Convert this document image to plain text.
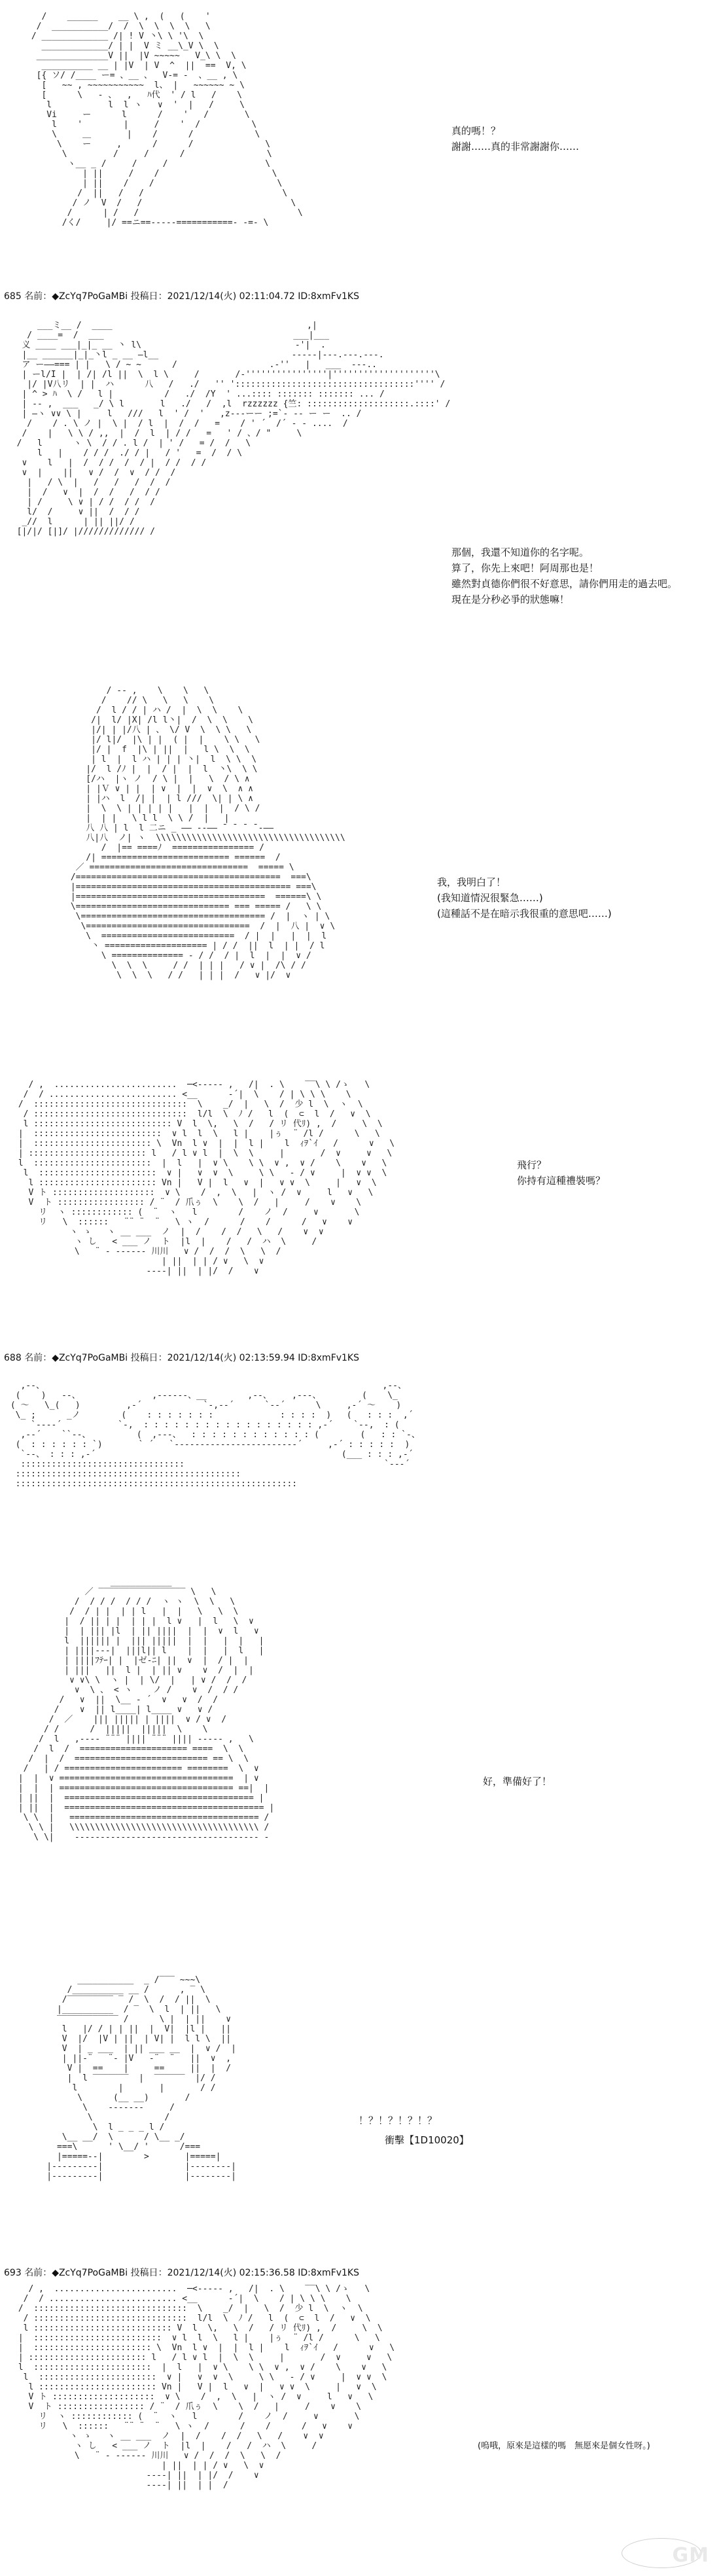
/    ______    __ \ ,  (   (    '
/  ___________/  /  \  \  \  \   \
/ _____________ /| ! V 丶\ \ '\  \
_____________/ | |  V ミ __\_V \  \
______________V ||  |V ~~~~~   V_\ \  \
__________ __ | |V  | V  ^  ||  ==  V, \
[{ ソ/ /____ ー= 、__ 、  V-= -  、__ , \
[   ~~ , ~~~~~~~~~~~  l、 |   ~~~~~~ ~ \
[      \   - 、  ,   ﾊ代  ' / l   /    \
l           l  l ヽ   ∨  '  |   /     \
Vi     ー      l      /    '   /       \
l    '        |     /    '  /          \
\     ＿       |    /      /            \
\    ー     ,      /      /              \
\         /     /      /                \
ヽ__ _ /     /     /                   \
| ||     /    /                      \
| ||    /    /                        \
/  ||   /   /                           \
/ ノ  V  /   /                             \
/      | /   /                               \
/く/     |/ ==ニ==-----===========- -=- \

真的嗎！？

謝謝……真的非常謝謝你……

685 名前：◆ZcYq7PoGaMBi 投稿日：2021/12/14(火) 02:11:04.72 ID:8xmFv1KS
___ミ__ /  ____                                      ,|
/ ____=  /  ___                                     ___|___
义 ____ ___|_|_ __ 丶 l\                              -'|  .
|__ ______|_|_丶l _ __ —l__                          ‐‐‐‐‐|‐‐‐.‐‐‐.‐‐‐.
ア ー——=== | |   \ / ~ ~      /                  .‐''   |   ___  ‐‐‐..
| ーl/I |  | /| /l ||  \  l \     /       /‐''''''''''''''''|''''''''''''''''''''\
|/ |V八リ  | |  ハ      八   /   ./   '' ':::::::::::::::::::::::::::::::::::'''' /
| ^ > ﾊ  \ /   l |          /   ./  /Y  ' ...:::: ::::::: ::::::: ... /
| -- ,  ___   _/ \ l       l   ./   /  ,l  rzzzzzz {竺: ::::::::::::::::::::.::::' /
| —ヽ ∨∨ \ |     l   ///   l  ' /  '   ,z---ーー ;=`- -- ー ー  .. /
/    / . \ ノ |  \ |  / l  |  /  /   =    / ' ´  /´ - - ....  /
/    |   \ \ / ,,  |  /  l  | / /   =   ' / 、/ "     \
/   l      ヽ \  / / . l /  | ' /   = /  /   \
l   |    / / /  ./ / |   / '   =  /  / \
∨    l   |  /  / /  /  / |  / /  / /
∨  |    ||   ∨ /  /  ∨  / /  /
|   / \  |   /   /   /  /  /
|  /   ∨  |  /  /   /  / /
| /     \ ∨ | / /  / /  /
l/  /     ∨ ||  /  / /
_//  l      | || ||/ /
[|/|/ [|]/ |///////////// /

那個，我還不知道你的名字呢。

算了，你先上來吧！阿周那也是！

雖然對貞德你們很不好意思，請你們用走的過去吧。

現在是分秒必爭的狀態嘛！

/ ‐‐ ,    \    \   \
/    // \   \   \    \
/  l / / | ハ /  |  \  \    \
/|  l/ |X| /l l丶|  /  \  \    \
|/| | |/八 | 、 \/ V  \  \ \   \
|/ l|/  |\ | |  ( |  |    \ \   \
|/ |  f  |\ | ||  |   l \  \  \
| l  |  l ハ | | | 丶|  l  \ \  \
|/  l /ﾉ |  |  / |  |  l  丶\  \ \
[/ハ  |ヽ ノ  / \ |  |   \  / \ ∧
| |Ｖ ∨ | |  | ∨  |  |  ∨  \  ∧ ∧
| |ハ  l  /| |  | l ///  \| | \ ∧
|  \  \ | | | | |   |  |  |  / \ /
|  | |   \ l l  \ \ /  |   |
八 八 | l  l 二ニ _ —— ‐‐―― ˉ ˉ ˉ ˉ‐――
八|八  ノ| ヽ  \\\\\\\\\\\\\\\\\\\\\\\\\\\\\\\\\\\\\
/  |== ====ﾉ  ================ /
/| ========================= ======  /
／ ===============================  ===== \
/========================================  ===\
|========================================== ===\
|=====================================  ======\ \
\============================== === ===== /   \ \
\==================================== /  |  ヽ | \
\================================  /  |  八 |  ∨ \
\  ==========================  / |  |   |  |  l
丶 ==================== | / /  ||  l  | |  / l
\ ============== ‐ / /  / |  l  |  |  ∨ /
\  \  \     / /  | | |   / ∨ |  /\ / /
\  \  \   / /   | | |  /   ∨ |/  ∨

我，我明白了！

(我知道情況很緊急……)

(這種話不是在暗示我很重的意思吧……)

/ ,  ........................  ─<‐‐‐‐‐ ,   /|  . \    ‾‾\ \ /ゝ   \
/  / ......................... <__      ‐´|  \    / | \ \ \    \
/  ::::::::::::::::::::::::::::::  \    _/  |   \  /  少 l  \  ヽ  \
/ ::::::::::::::::::::::::::::::  l/l  \  ﾉ /   l  (  ⊂  l  /   ∨  \
l ::::::::::::::::::::::::::: V  l  \,   \  /   / リ 代ﾘ) ,  /     \  \
|  :::::::::::::::::::::::::  ∨ l  l  \   l |    |ぅ  ¨ /l /      \   \
|  ::::::::::::::::::::::: \  Vn  l ∨  |  |  l |    l  ｨｦ`ｲ   /      ∨   \
| ::::::::::::::::::::::: l   / l ∨ l  |  \  \     |       /  ∨     ∨   \
l  :::::::::::::::::::::::  |  l   |  ∨ \    \ \  ∨ ,  ∨ /    \    ∨   \
l  :::::::::::::::::::::::  ∨ |   ∨  ∨  \     \ \   ‐ / ∨     |  ∨ ∨  \
l ::::::::::::::::::::::: Vn |   V |  l   ∨  |   ∨ ∨  \     |   ∨  \
V ト ::::::::::::::::::::  ∨ \    /  ,  \   |  ヽ /  ∨     l   ∨   \
V  ト ::::::::::::::::: / ¨  / 爪ぅ  \    \  /   |     /    ∨    \
リ  ヽ :::::::::::: (  ¨  ヽ   l        /    ノ  /     ∨       \
リ   \  ::::::   ¨¨ ¨  ¨   \ ヽ  /      /    /      /   ∨    ∨
ヽ ゝ   ヽ __ ___  ノ  |  /    /  /   \   /    ∨  ∨
ヽ し   < ___ ノ  ト  |l  |    /   /  ハ  \     /
\   ¨ ‐ ‐‐‐‐‐‐ 川川   ∨ /  /  /  \   \  /
| ||  | | / ∨   \  ∨
‐‐‐‐| ||  | |/  /    ∨

飛行？

你持有這種禮裝嗎？

688 名前：◆ZcYq7PoGaMBi 投稿日：2021/12/14(火) 02:13:59.94 ID:8xmFv1KS
,--、                                                                  ,--、
(    )   ‐-、              ,--‐‐--、__        ,--、    ,-‐-、        (    \_
( ～   \_(   )         ,-´            `-,-‐´      `-‐´      \     ,-´ ～    )
\_ ;      _ノ        (    : : : : : : :             : : : :  )   (   : : :  ,´
`--‐‐´           `‐,  : : : : : : : : : : : : : : : : : ,‐´    `‐‐,  : (
,‐‐´    ``‐-、         (  ,‐‐‐、  : : : : : : : : : : : : (        (   : : `-、
(  : : : : : : `)       ` ´   `‐‐‐‐‐‐‐‐‐‐‐‐‐‐‐‐‐‐‐‐‐‐‐‐´     ,-´ : : : : :  )
`‐‐、 : : : ,‐´                                                (___ : : : ,‐´
::::::::::::::::::::::::::::::::                                       `‐‐‐´
::::::::::::::::::::::::::::::::::::::::::::
:::::::::::::::::::::::::::::::::::::::::::::::::::::::
____________
／ ‾‾‾‾‾‾‾‾‾‾‾‾‾‾‾‾‾ \   \
/  / / /  / / /  ヽ ヽ  \  \   \
/  / | |  | | l   |  |   \   \  \
|  / || | |  | | |  l ∨   |  l   \  ∨
|  | ||| |l  | || ||||  |  |  ∨  l   ∨
l  |||||| |  ||| |||||  |  |   |  |   |
| ||||-‐‐|  |||l|| l    |  |   |  l   |
| ||||ﾌﾃｰ| |  |ゼ‐ﾆ| ||  ∨  |  / |  |
| |||   ||  l |  | || ∨    ∨  /  |  |
∨ ∨\ \  ヽ |  | \/  |   | ∨ /  /  /
∨  \ 、 < ヽ    ノ /    ∨  /  / /
/   ∨  ||  \__ ‐ ´  ∨   ∨  /  /
/    ∨  || l____| l____ ∨   ∨ /
/  ／    ||| ||||| | ||||  ∨ / ∨  /
/ /      /  |||||  |||||  \    \
/  l   ,‐‐‐‐ ¨¨¨ |||| ¨¨¨ |||| ‐‐‐‐‐ ,   \
/  l  /  ===================== ====  \  \
/  |  /  ========================== == \  \
/   | / ======================= ========  \  ∨
|  |  ∨ ==================================  | ∨
|  |  | ================================== ==|  |
| ||  |  ===================================== |
| ||  |  ======================================= |
\ \  |   ===================================== /
\ \ |   \\\\\\\\\\\\\\\\\\\\\\\\\\\\\\\\\\\\\ /
\ \|    ‐‐‐‐‐‐‐‐‐‐‐‐‐‐‐‐‐‐‐‐‐‐‐‐‐‐‐‐‐‐‐‐‐‐‐‐ ‐

好，準備好了！

___________  _ /‾‾‾ ~~~\
/__________ __ /      , ‾ \
/‾‾‾‾‾‾‾‾‾ ‾ /  \  /  / ||  \
|__________  / ‾  \  l  | ||   \
‾‾‾‾‾‾‾‾‾‾‾‾ /      \ |  | ||    ∨
l   |/ / | | ||  |  V|  |l |   ||
V  |/  |V | ||  | V| |  l l \  ||
V  | _ ___  | || ___ __  |  ∨ /  |
| ||‐¨   ¨‐ |V   ‐¨  ¨   ||  ∨  ,
V |  ==    |     ==     ||  |  /
|  l ‾‾‾‾‾‾‾  |  ‾‾‾‾‾‾  |/ /
l        |       |       / /
\      (__ __)       /
\    ‐‐‐‐‐‐‐     /
\              /
\  l _ _ _ l /
\__ __/  \      / \__ _/
===\      ' \__/ '      /===
|=====‐‐|        >       |=====|
|‐‐‐‐‐‐‐‐‐|                |‐‐‐‐‐‐‐‐|
|---------|                |--------|

！？！？！？！？

衝擊【1D10020】

693 名前：◆ZcYq7PoGaMBi 投稿日：2021/12/14(火) 02:15:36.58 ID:8xmFv1KS
/ ,  ........................  ─<‐‐‐‐‐ ,   /|  . \    ‾‾\ \ /ゝ   \
/  / ......................... <__      ‐´|  \    / | \ \ \    \
/  ::::::::::::::::::::::::::::::  \    _/  |   \  /  少 l  \  ヽ  \
/ ::::::::::::::::::::::::::::::  l/l  \  ﾉ /   l  (  ⊂  l  /   ∨  \
l ::::::::::::::::::::::::::: V  l  \,   \  /   / リ 代ﾘ) ,  /     \  \
|  :::::::::::::::::::::::::  ∨ l  l  \   l |    |ぅ  ¨ /l /      \   \
|  ::::::::::::::::::::::: \  Vn  l ∨  |  |  l |    l  ｨｦ`ｲ   /      ∨   \
| ::::::::::::::::::::::: l   / l ∨ l  |  \  \     |       /  ∨     ∨   \
l  :::::::::::::::::::::::  |  l   |  ∨ \    \ \  ∨ ,  ∨ /    \    ∨   \
l  :::::::::::::::::::::::  ∨ |   ∨  ∨  \     \ \   ‐ / ∨     |  ∨ ∨  \
l ::::::::::::::::::::::: Vn |   V |  l   ∨  |   ∨ ∨  \     |   ∨  \
V ト ::::::::::::::::::::  ∨ \    /  ,  \   |  ヽ /  ∨     l   ∨   \
V  ト ::::::::::::::::: / ¨  / 爪ぅ  \    \  /   |     /    ∨    \
リ  ヽ :::::::::::: (  ¨  ヽ   l        /    ノ  /     ∨       \
リ   \  ::::::   ¨¨ ¨  ¨   \ ヽ  /      /    /      /   ∨    ∨
ヽ ゝ   ヽ __ ___  ノ  |  /    /  /   \   /    ∨  ∨
ヽ し   < ___ ノ  ト  |l  |    /   /  ハ  \     /
\   ¨ ‐ ‐‐‐‐‐‐ 川川   ∨ /  /  /  \   \  /
| ||  | | / ∨   \  ∨
‐‐‐‐| ||  | |/  /    ∨
‐‐‐‐| ||  | |  /

(嗚哦，原來是這樣的嗎　無愿來是個女性呀。)

GM
